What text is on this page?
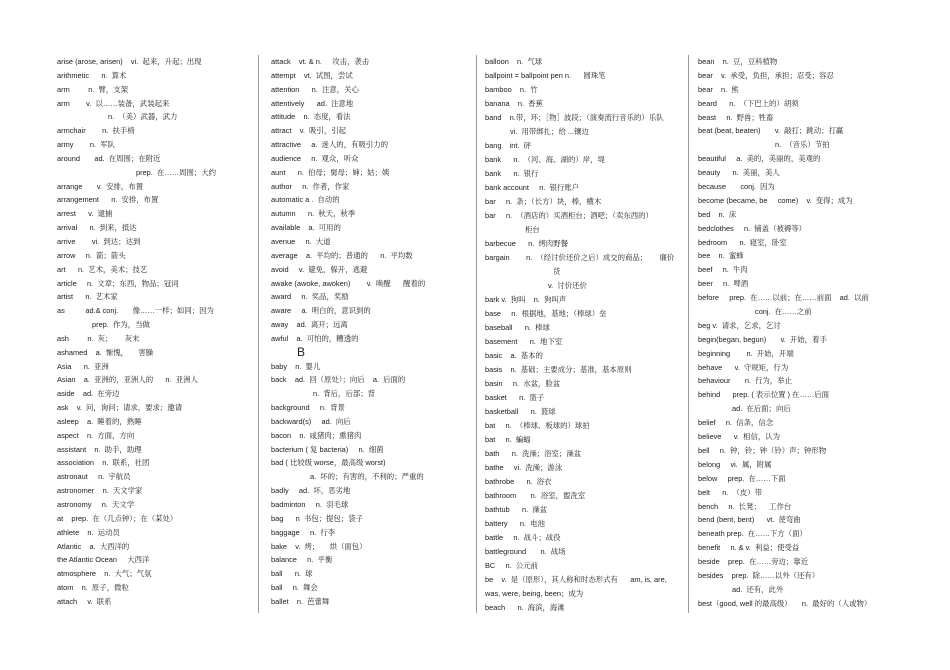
arise (arose, arisen)    vi.  起来，升起；出现
arithmetic      n.  算术
arm         n.  臂，支架
arm        v.  以……装备，武装起来
n.  （美）武器，武力
armchair        n.  扶手椅
army        n.  军队
around       ad.  在周围；在附近
prep.  在……周围；大约
arrange       v.  安排，布置
arrangement      n.  安排，布置
arrest      v.  逮捕
arrival      n.  到来，抵达
arrive        vi.  到达；达到
arrow     n.  箭；箭头
art      n.  艺术，美术；技艺
article     n.  文章；东西，物品；冠词
artist      n.  艺术家
as          ad.& conj.       像……一样；如同；因为
prep.  作为，当做
ash         n.  灰；      灰末
ashamed    a.  惭愧，     害臊
Asia      n.  亚洲
Asian    a.  亚洲的，亚洲人的      n.  亚洲人
aside    ad.  在旁边
ask    v.  问，询问；请求，要求；邀请
asleep    a.  睡着的，熟睡
aspect    n.  方面，方向
assistant    n.  助手，助理
association    n.  联系，社团
astronaut     n.  宇航员
astronomer    n.  天文学家
astronomy     n.  天文学
at    prep.  在（几点钟）；在（某处）
athlete    n.  运动员
Atlantic    a.  大西洋的
the Atlantic Ocean     大西洋
atmosphere    n.  大气；气氛
atom    n.  原子，微粒
attach     v.  联系
attack    vt. & n.     攻击，袭击
attempt    vt.  试图，尝试
attention      n.  注意，关心
attentively      ad.  注意地
attitude    n.  态度，看法
attract    v.  吸引，引起
attractive     a.  迷人的，有吸引力的
audience     n.  观众，听众
aunt      n.  伯母；舅母；婶；姑；姨
author     n.  作者，作家
automatic a .  自动的
autumn      n.  秋天，秋季
available    a.  可用的
avenue     n.  大道
average    a.  平均的；普通的      n.  平均数
avoid     v.  避免，躲开，逃避
awake (awoke, awoken)        v.  唤醒      醒着的
award     n.  奖品，奖励
aware     a.  明白的，意识到的
away    ad.  离开；远离
awful    a.  可怕的，糟透的
B
baby    n.  婴儿
back    ad.  回（原处）；向后    a.  后面的
n.  背后，后部；背
background     n.  背景
backward(s)     ad.  向后
bacon    n.  咸猪肉；熏猪肉
bacterium ( 复 bacteria)     n.  细菌
bad ( 比较级 worse，最高级 worst)
a.  坏的；有害的，不利的；严重的
badly     ad.  坏，恶劣地
badminton     n.  羽毛球
bag      n  书包；提包；袋子
baggage     n.  行李
bake    v.  烤；     烘（面包）
balance     n.  平衡
ball      n.  球
ball     n.  舞会
ballet    n.  芭蕾舞
balloon    n.  气球
ballpoint = ballpoint pen n.      圆珠笔
bamboo    n.  竹
banana    n.  香蕉
band    n.带，环；［物］波段；（演奏流行音乐的）乐队
vi.  用带绑扎；给 ...镶边
bang    int.  砰
bank      n.  （河、海、湖的）岸，堤
bank      n.  银行
bank account     n.  银行账户
bar     n.  条；（长方）块，棒，横木
bar     n.  （酒店的）买酒柜台；酒吧；（卖东西的）
柜台
barbecue      n.  烤肉野餐
bargain        n.  （经讨价还价之后）成交的商品；      廉价
货
v.  讨价还价
bark v.  狗叫    n.  狗叫声
base     n.  根据地，基地；（棒球）垒
baseball      n.  棒球
basement      n.  地下室
basic    a.  基本的
basis    n.  基础；主要成分；基准，基本原则
basin     n.  水盆，脸盆
basket      n.  篮子
basketball      n.  篮球
bat     n.  （棒球、板球的）球拍
bat     n.  蝙蝠
bath      n.  洗澡；浴室；澡盆
bathe     vi.  洗澡；游泳
bathrobe      n.  浴衣
bathroom       n.  浴室，盥洗室
bathtub      n.  澡盆
battery      n.  电池
battle     n.  战斗；战役
battleground       n.  战场
BC     n.  公元前
be    v.  是（原形），其人称和时态形式有      am, is, are,
was, were, being, been；成为
beach      n.  海滨，海滩
bean    n.  豆，豆科植物
bear    v.  承受，负担，承担；忍受；容忍
bear    n.  熊
beard      n.  （下巴上的）胡须
beast     n.  野兽；牲畜
beat (beat, beaten)       v.  敲打；跳动；打赢
n.  （音乐）节拍
beautiful     a.  美的，美丽的，美观的
beauty      n.  美丽，美人
because       conj.  因为
become (became, be     come)    v.  变得；成为
bed    n.  床
bedclothes     n.  铺盖（被褥等）
bedroom      n.  寝室，卧室
bee    n.  蜜蜂
beef     n.  牛肉
beer     n.  啤酒
before     prep.  在……以前；在……前面    ad.  以前
conj.  在……之前
beg v.  请求，乞求，乞讨
begin(began, begun)       v.  开始，着手
beginning        n.  开始，开端
behave      v.  守规矩，行为
behaviour       n.  行为，举止
behind      prep. ( 表示位置 ) 在……后面
ad.  在后面；向后
belief     n.  信条，信念
believe      v.  相信，认为
bell     n.  钟，铃；钟（铃）声；钟形物
belong     vi.  属，附属
below     prep.  在……下面
belt      n.  （皮）带
bench     n.  长凳；    工作台
bend (bent, bent)      vt.  使弯曲
beneath prep.  在……下方（面）
benefit     n. & v.  利益；使受益
beside    prep.  在……旁边；靠近
besides    prep.  除……以外（还有）
ad.  还有，此外
best（good, well 的最高级）     n.  最好的（人或物）
